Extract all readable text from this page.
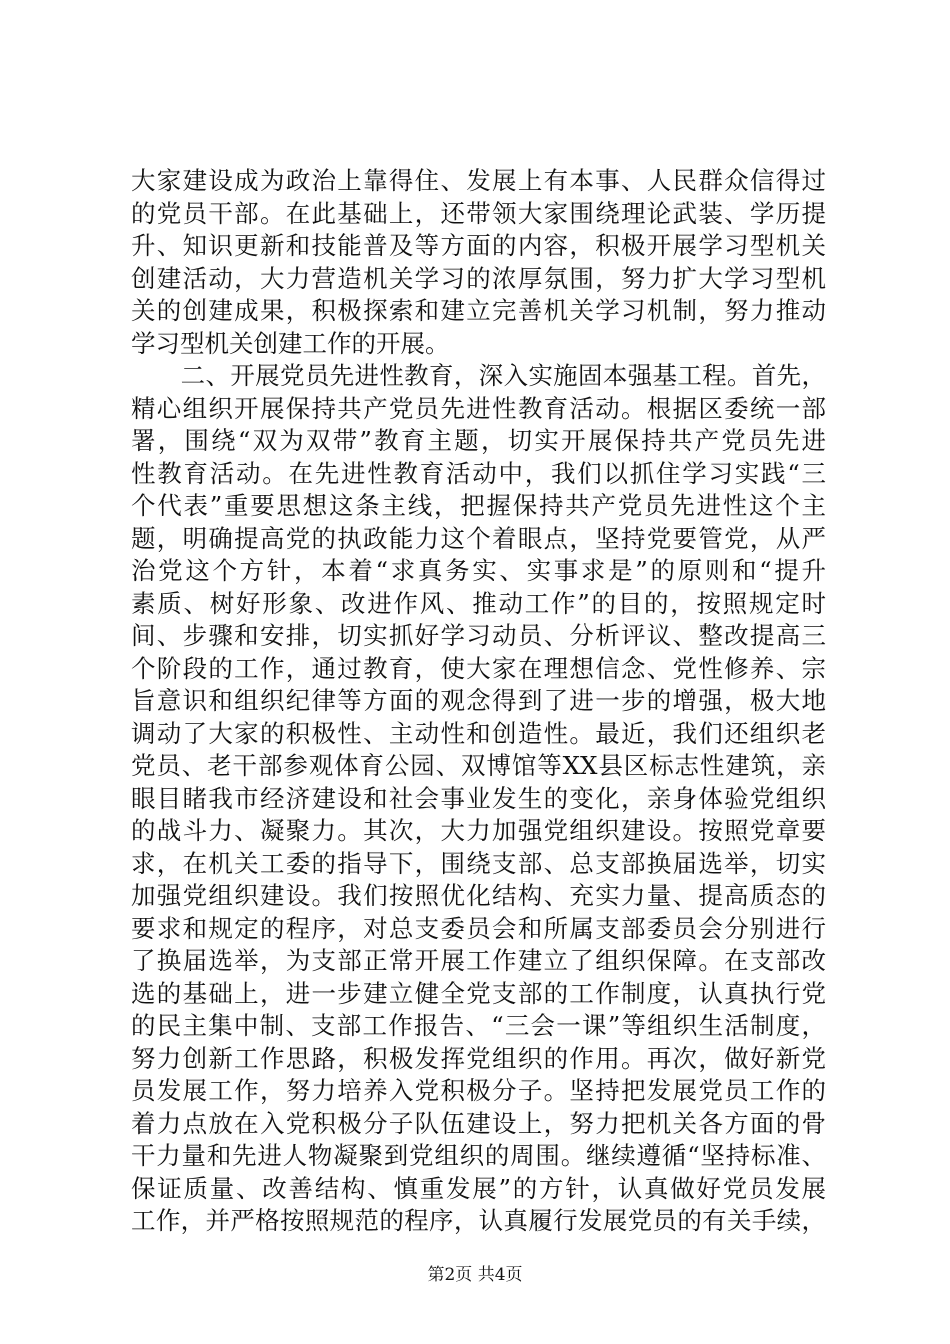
大家建设成为政治上靠得住、发展上有本事、人民群众信得过
的党员干部。在此基础上，还带领大家围绕理论武装、学历提
升、知识更新和技能普及等方面的内容，积极开展学习型机关
创建活动，大力营造机关学习的浓厚氛围，努力扩大学习型机
关的创建成果，积极探索和建立完善机关学习机制，努力推动
学习型机关创建工作的开展。
　　二、开展党员先进性教育，深入实施固本强基工程。首先，
精心组织开展保持共产党员先进性教育活动。根据区委统一部
署，围绕“双为双带”教育主题，切实开展保持共产党员先进
性教育活动。在先进性教育活动中，我们以抓住学习实践“三
个代表”重要思想这条主线，把握保持共产党员先进性这个主
题，明确提高党的执政能力这个着眼点，坚持党要管党，从严
治党这个方针，本着“求真务实、实事求是”的原则和“提升
素质、树好形象、改进作风、推动工作”的目的，按照规定时
间、步骤和安排，切实抓好学习动员、分析评议、整改提高三
个阶段的工作，通过教育，使大家在理想信念、党性修养、宗
旨意识和组织纪律等方面的观念得到了进一步的增强，极大地
调动了大家的积极性、主动性和创造性。最近，我们还组织老
党员、老干部参观体育公园、双博馆等XX县区标志性建筑，亲
眼目睹我市经济建设和社会事业发生的变化，亲身体验党组织
的战斗力、凝聚力。其次，大力加强党组织建设。按照党章要
求，在机关工委的指导下，围绕支部、总支部换届选举，切实
加强党组织建设。我们按照优化结构、充实力量、提高质态的
要求和规定的程序，对总支委员会和所属支部委员会分别进行
了换届选举，为支部正常开展工作建立了组织保障。在支部改
选的基础上，进一步建立健全党支部的工作制度，认真执行党
的民主集中制、支部工作报告、“三会一课”等组织生活制度，
努力创新工作思路，积极发挥党组织的作用。再次，做好新党
员发展工作，努力培养入党积极分子。坚持把发展党员工作的
着力点放在入党积极分子队伍建设上，努力把机关各方面的骨
干力量和先进人物凝聚到党组织的周围。继续遵循“坚持标准、
保证质量、改善结构、慎重发展”的方针，认真做好党员发展
工作，并严格按照规范的程序，认真履行发展党员的有关手续，
第2页 共4页
